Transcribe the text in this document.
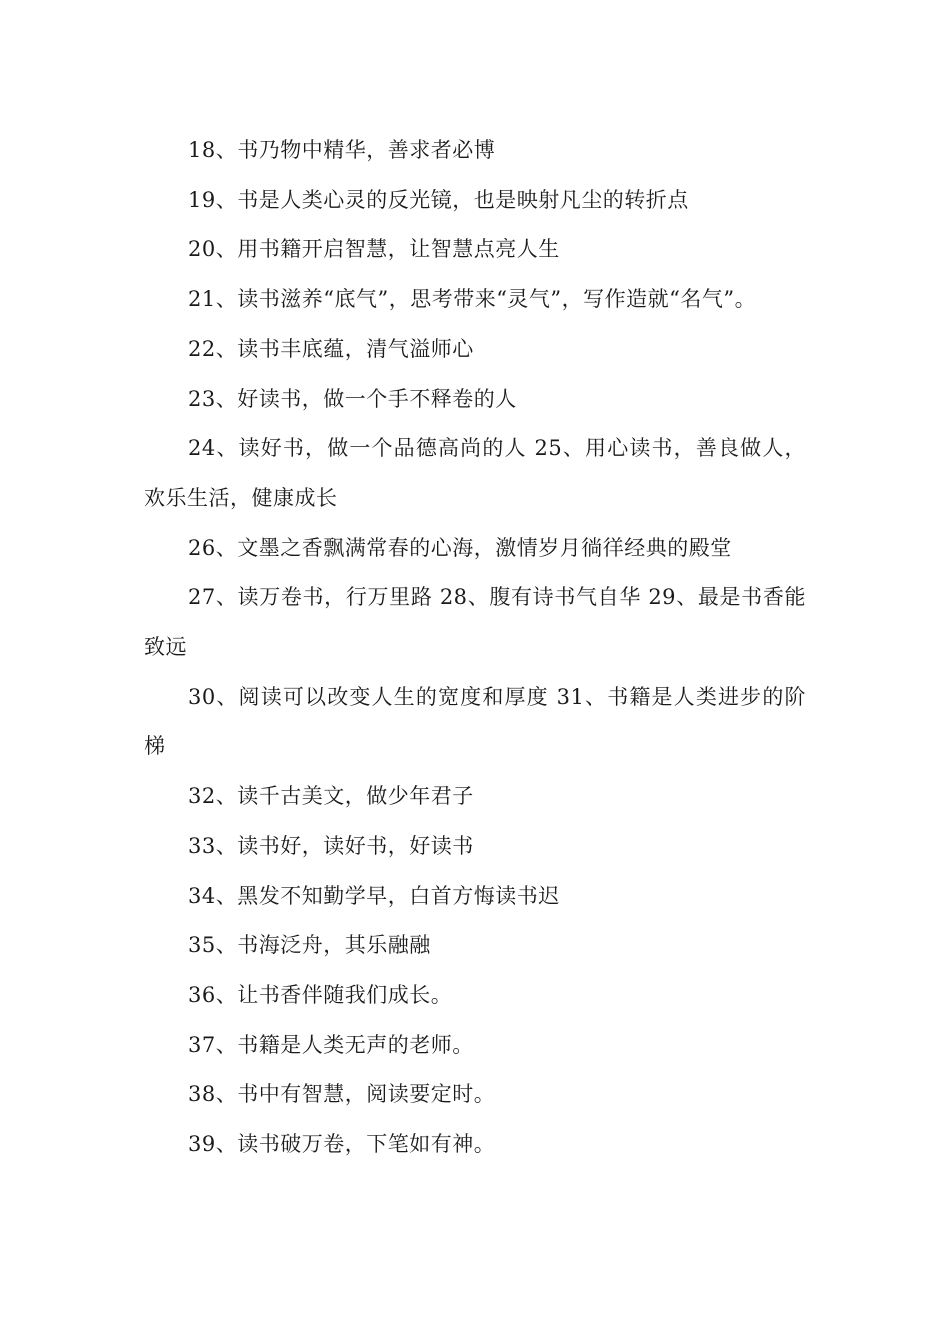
18、书乃物中精华，善求者必博

19、书是人类心灵的反光镜，也是映射凡尘的转折点

20、用书籍开启智慧，让智慧点亮人生

21、读书滋养“底气”，思考带来“灵气”，写作造就“名气”。

22、读书丰底蕴，清气溢师心

23、好读书，做一个手不释卷的人

24、读好书，做一个品德高尚的人 25、用心读书，善良做人，欢乐生活，健康成长

26、文墨之香飘满常春的心海，激情岁月徜徉经典的殿堂

27、读万卷书，行万里路 28、腹有诗书气自华 29、最是书香能致远

30、阅读可以改变人生的宽度和厚度 31、书籍是人类进步的阶梯

32、读千古美文，做少年君子

33、读书好，读好书，好读书

34、黑发不知勤学早，白首方悔读书迟

35、书海泛舟，其乐融融

36、让书香伴随我们成长。

37、书籍是人类无声的老师。

38、书中有智慧，阅读要定时。

39、读书破万卷，下笔如有神。
